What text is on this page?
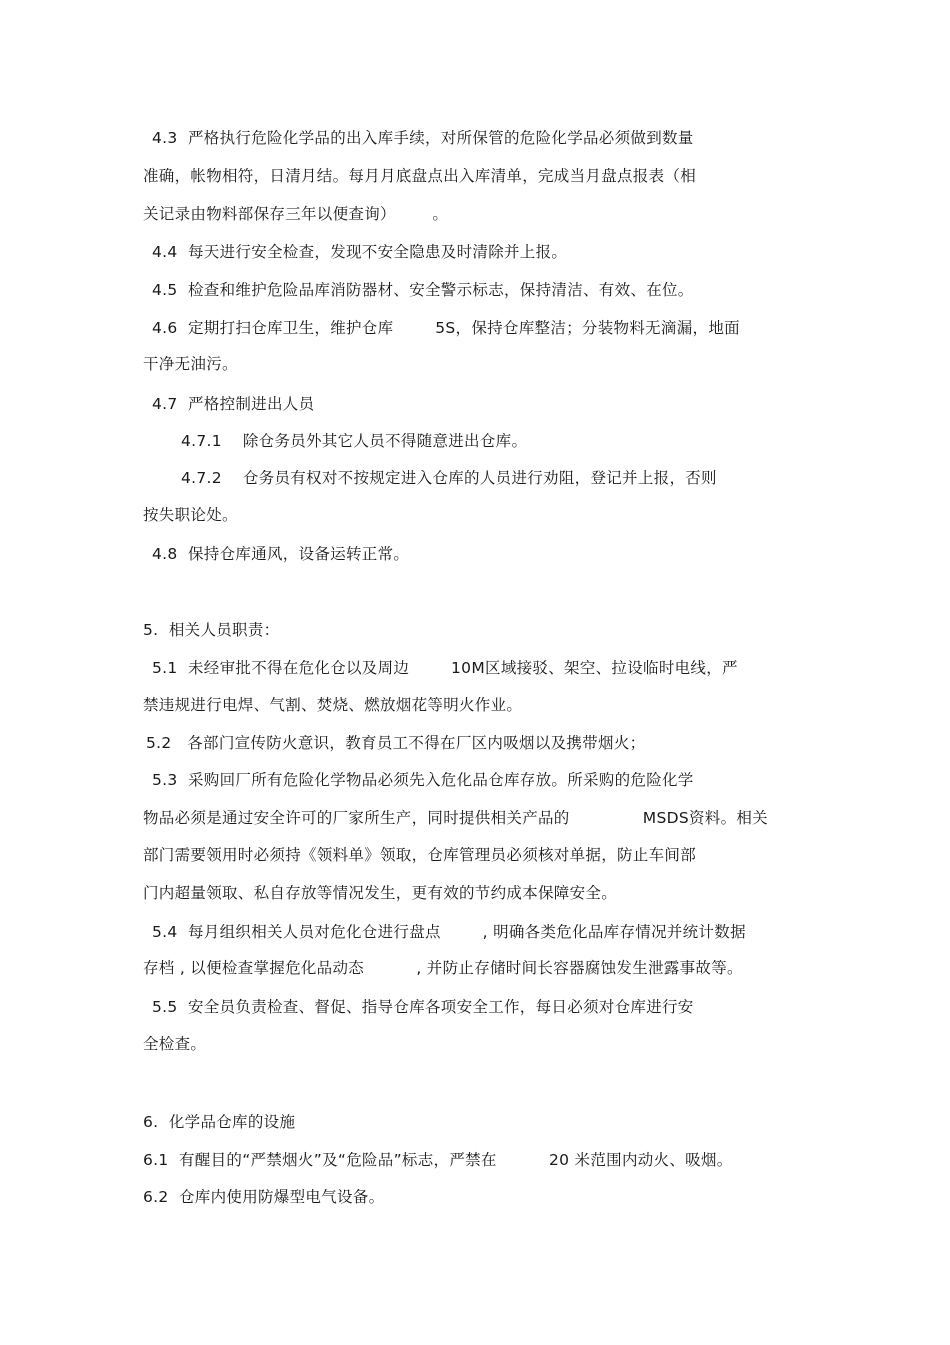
4.3  严格执行危险化学品的出入库手续，对所保管的危险化学品必须做到数量
准确，帐物相符，日清月结。每月月底盘点出入库清单，完成当月盘点报表（相
关记录由物料部保存三年以便查询）       。
4.4  每天进行安全检查，发现不安全隐患及时清除并上报。
4.5  检查和维护危险品库消防器材、安全警示标志，保持清洁、有效、在位。
4.6  定期打扫仓库卫生，维护仓库        5S，保持仓库整洁；分装物料无滴漏，地面
干净无油污。
4.7  严格控制进出人员
4.7.1    除仓务员外其它人员不得随意进出仓库。
4.7.2    仓务员有权对不按规定进入仓库的人员进行劝阻，登记并上报，否则
按失职论处。
4.8  保持仓库通风，设备运转正常。
5.  相关人员职责：
5.1  未经审批不得在危化仓以及周边        10M区域接驳、架空、拉设临时电线，严
禁违规进行电焊、气割、焚烧、燃放烟花等明火作业。
5.2   各部门宣传防火意识，教育员工不得在厂区内吸烟以及携带烟火；
5.3  采购回厂所有危险化学物品必须先入危化品仓库存放。所采购的危险化学
物品必须是通过安全许可的厂家所生产，同时提供相关产品的              MSDS资料。相关
部门需要领用时必须持《领料单》领取，仓库管理员必须核对单据，防止车间部
门内超量领取、私自存放等情况发生，更有效的节约成本保障安全。
5.4  每月组织相关人员对危化仓进行盘点        , 明确各类危化品库存情况并统计数据
存档 , 以便检查掌握危化品动态          , 并防止存储时间长容器腐蚀发生泄露事故等。
5.5  安全员负责检查、督促、指导仓库各项安全工作，每日必须对仓库进行安
全检查。
6.  化学品仓库的设施
6.1  有醒目的“严禁烟火”及“危险品”标志，严禁在          20 米范围内动火、吸烟。
6.2  仓库内使用防爆型电气设备。
